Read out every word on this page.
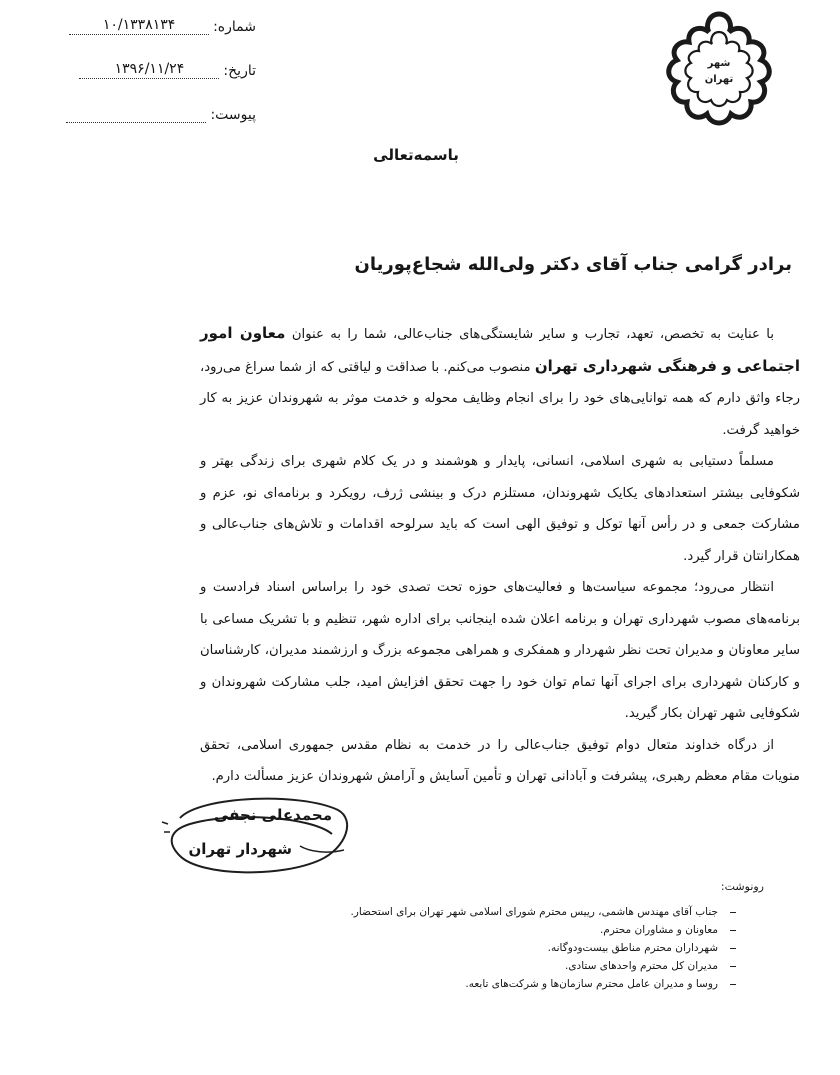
شهر
تهران
شماره:
۱۰/۱۳۳۸۱۳۴
تاریخ:
۱۳۹۶/۱۱/۲۴
پیوست:
باسمه‌تعالی
برادر گرامی جناب آقای دکتر ولی‌الله شجاع‌پوریان

با عنایت به تخصص، تعهد، تجارب و سایر شایستگی‌های جناب‌عالی، شما را به عنوان معاون امور اجتماعی و فرهنگی شهرداری تهران منصوب می‌کنم. با صداقت و لیاقتی که از شما سراغ می‌رود، رجاء واثق دارم که همه توانایی‌های خود را برای انجام وظایف محوله و خدمت موثر به شهروندان عزیز به کار خواهید گرفت.

مسلماً دستیابی به شهری اسلامی، انسانی، پایدار و هوشمند و در یک کلام شهری برای زندگی بهتر و شکوفایی بیشتر استعدادهای یکایک شهروندان، مستلزم درک و بینشی ژرف، رویکرد و برنامه‌ای نو، عزم و مشارکت جمعی و در رأس آنها توکل و توفیق الهی است که باید سرلوحه اقدامات و تلاش‌های جناب‌عالی و همکارانتان قرار گیرد.

انتظار می‌رود؛ مجموعه سیاست‌ها و فعالیت‌های حوزه تحت تصدی خود را براساس اسناد فرادست و برنامه‌های مصوب شهرداری تهران و برنامه اعلان شده اینجانب برای اداره شهر، تنظیم و با تشریک مساعی با سایر معاونان و مدیران تحت نظر شهردار و همفکری و همراهی مجموعه بزرگ و ارزشمند مدیران، کارشناسان و کارکنان شهرداری برای اجرای آنها تمام توان خود را جهت تحقق افزایش امید، جلب مشارکت شهروندان و شکوفایی شهر تهران بکار گیرید.

از درگاه خداوند متعال دوام توفیق جناب‌عالی را در خدمت به نظام مقدس جمهوری اسلامی، تحقق منویات مقام معظم رهبری، پیشرفت و آبادانی تهران و تأمین آسایش و آرامش شهروندان عزیز مسألت دارم.

محمدعلی نجفی
شهردار تهران
رونوشت:
جناب آقای مهندس هاشمی، رییس محترم شورای اسلامی شهر تهران برای استحضار.
معاونان و مشاوران محترم.
شهرداران محترم مناطق بیست‌ودوگانه.
مدیران کل محترم واحدهای ستادی.
روسا و مدیران عامل محترم سازمان‌ها و شرکت‌های تابعه.
